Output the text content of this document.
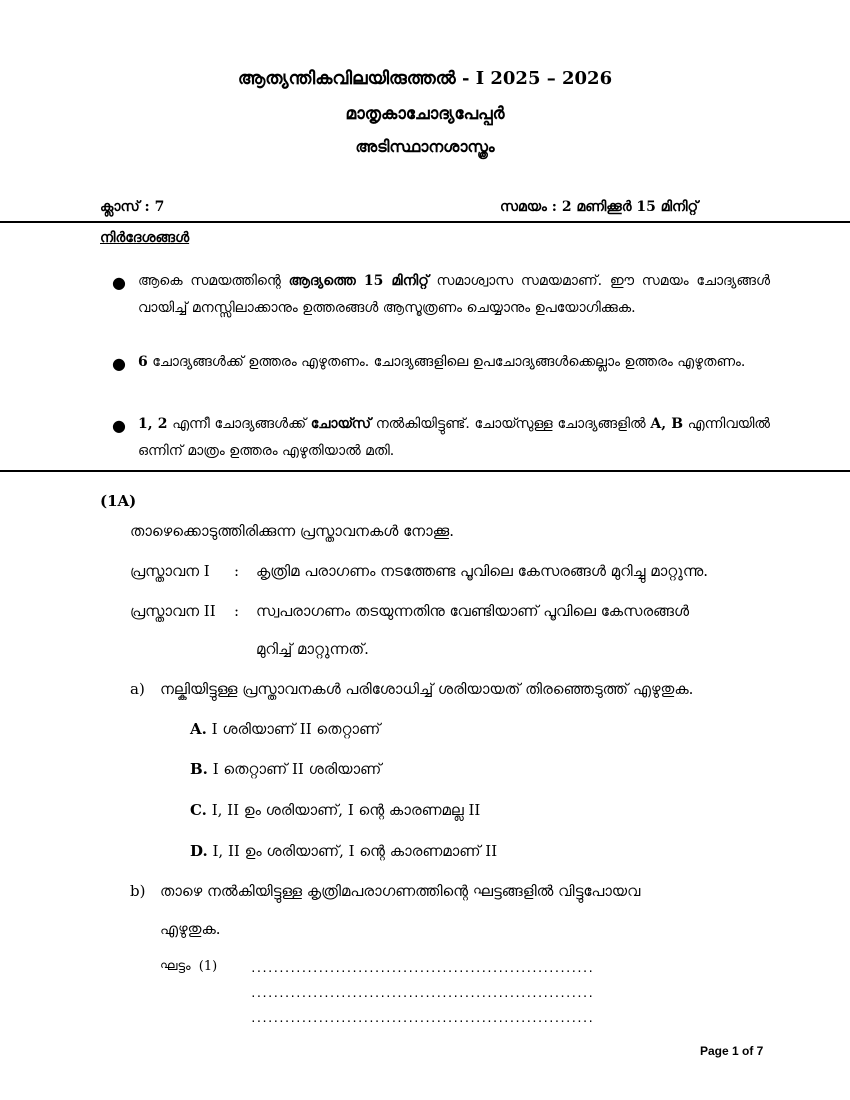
ആത്യന്തികവിലയിരുത്തൽ - I 2025 – 2026
മാതൃകാചോദ്യപേപ്പർ
അടിസ്ഥാനശാസ്ത്രം
ക്ലാസ് : 7	സമയം : 2 മണിക്കൂർ 15 മിനിറ്റ്
നിർദേശങ്ങൾ
● ആകെ സമയത്തിന്റെ ആദ്യത്തെ 15 മിനിറ്റ് സമാശ്വാസ സമയമാണ്. ഈ സമയം ചോദ്യങ്ങൾ വായിച്ച് മനസ്സിലാക്കാനും ഉത്തരങ്ങൾ ആസൂത്രണം ചെയ്യാനും ഉപയോഗിക്കുക.
● 6 ചോദ്യങ്ങൾക്ക് ഉത്തരം എഴുതണം. ചോദ്യങ്ങളിലെ ഉപചോദ്യങ്ങൾക്കെല്ലാം ഉത്തരം എഴുതണം.
● 1, 2 എന്നീ ചോദ്യങ്ങൾക്ക് ചോയ്സ് നൽകിയിട്ടുണ്ട്. ചോയ്സുള്ള ചോദ്യങ്ങളിൽ A, B എന്നിവയിൽ ഒന്നിന് മാത്രം ഉത്തരം എഴുതിയാൽ മതി.
(1A)
താഴെക്കൊടുത്തിരിക്കുന്ന പ്രസ്താവനകൾ നോക്കൂ.
പ്രസ്താവന I : കൃത്രിമ പരാഗണം നടത്തേണ്ട പൂവിലെ കേസരങ്ങൾ മുറിച്ചു മാറ്റുന്നു.
പ്രസ്താവന II : സ്വപരാഗണം തടയുന്നതിനു വേണ്ടിയാണ് പൂവിലെ കേസരങ്ങൾ
മുറിച്ച് മാറ്റുന്നത്.
a) നല്കിയിട്ടുള്ള പ്രസ്താവനകൾ പരിശോധിച്ച് ശരിയായത് തിരഞ്ഞെടുത്ത് എഴുതുക.
A. I ശരിയാണ് II തെറ്റാണ്
B. I തെറ്റാണ് II ശരിയാണ്
C. I, II ഉം ശരിയാണ്, I ന്റെ കാരണമല്ല II
D. I, II ഉം ശരിയാണ്, I ന്റെ കാരണമാണ് II
b) താഴെ നൽകിയിട്ടുള്ള കൃത്രിമപരാഗണത്തിന്റെ ഘട്ടങ്ങളിൽ വിട്ടുപോയവ
എഴുതുക.
ഘട്ടം (1)	.............................................................
.............................................................
.............................................................
Page 1 of 7
